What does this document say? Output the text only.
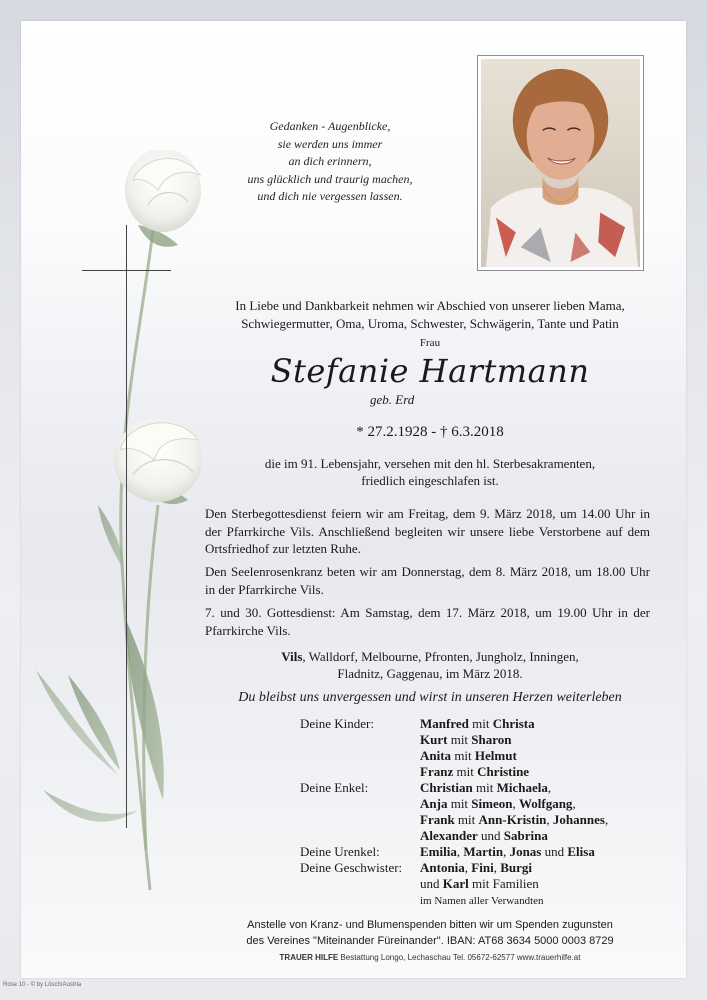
Gedanken - Augenblicke,
sie werden uns immer
an dich erinnern,
uns glücklich und traurig machen,
und dich nie vergessen lassen.
In Liebe und Dankbarkeit nehmen wir Abschied von unserer lieben Mama,
Schwiegermutter, Oma, Uroma, Schwester, Schwägerin, Tante und Patin
Frau
Stefanie Hartmann
geb. Erd
* 27.2.1928 - † 6.3.2018
die im 91. Lebensjahr, versehen mit den hl. Sterbesakramenten,
friedlich eingeschlafen ist.
Den Sterbegottesdienst feiern wir am Freitag, dem 9. März 2018, um 14.00 Uhr in der Pfarrkirche Vils. Anschließend begleiten wir unsere liebe Verstorbene auf dem Ortsfriedhof zur letzten Ruhe.
Den Seelenrosenkranz beten wir am Donnerstag, dem 8. März 2018, um 18.00 Uhr in der Pfarrkirche Vils.
7. und 30. Gottesdienst: Am Samstag, dem 17. März 2018, um 19.00 Uhr in der Pfarrkirche Vils.
Vils, Walldorf, Melbourne, Pfronten, Jungholz, Inningen,
Fladnitz, Gaggenau, im März 2018.
Du bleibst uns unvergessen und wirst in unseren Herzen weiterleben
Deine Kinder:	Manfred mit Christa
Kurt mit Sharon
Anita mit Helmut
Franz mit Christine
Deine Enkel:	Christian mit Michaela,
Anja mit Simeon, Wolfgang,
Frank mit Ann-Kristin, Johannes,
Alexander und Sabrina
Deine Urenkel:	Emilia, Martin, Jonas und Elisa
Deine Geschwister:	Antonia, Fini, Burgi
und Karl mit Familien
im Namen aller Verwandten
Anstelle von Kranz- und Blumenspenden bitten wir um Spenden zugunsten
des Vereines "Miteinander Füreinander". IBAN: AT68 3634 5000 0003 8729
TRAUER HILFE Bestattung Longo, Lechaschau Tel. 05672-62577 www.trauerhilfe.at
Rose 10 - © by Lösch/Austria
